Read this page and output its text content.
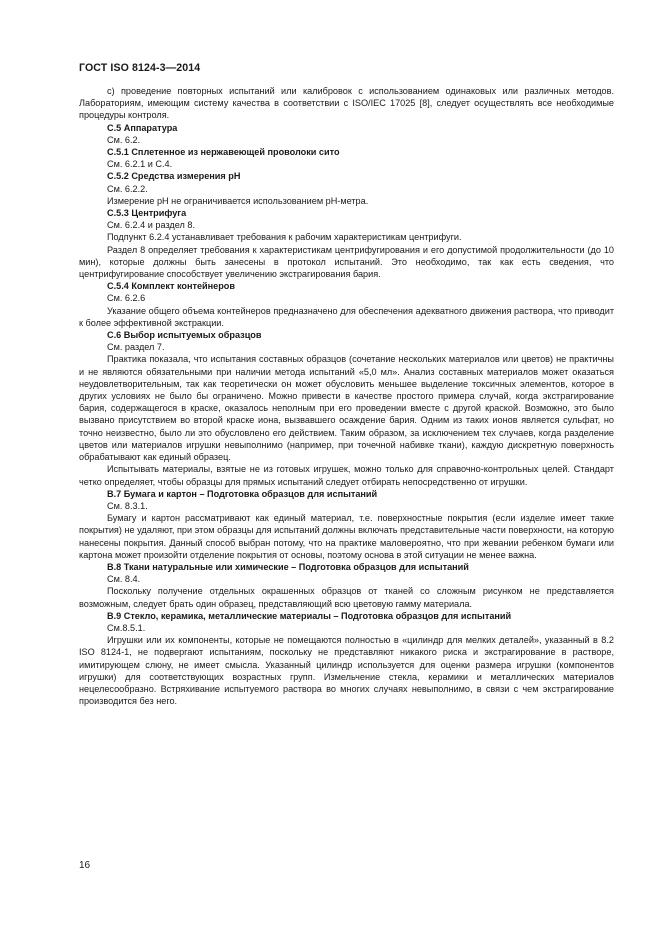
ГОСТ ISO 8124-3—2014

с) проведение повторных испытаний или калибровок с использованием одинаковых или различных методов. Лабораториям, имеющим систему качества в соответствии с ISO/IEC 17025 [8], следует осуществлять все необходимые процедуры контроля.

С.5 Аппаратура

См. 6.2.

С.5.1 Сплетенное из нержавеющей проволоки сито

См. 6.2.1 и С.4.

С.5.2 Средства измерения pH

См. 6.2.2.

Измерение pH не ограничивается использованием pH-метра.

С.5.3 Центрифуга

См. 6.2.4 и раздел 8.

Подпункт 6.2.4 устанавливает требования к рабочим характеристикам центрифуги.

Раздел 8 определяет требования к характеристикам центрифугирования и его допустимой продолжительности (до 10 мин), которые должны быть занесены в протокол испытаний. Это необходимо, так как есть сведения, что центрифугирование способствует увеличению экстрагирования бария.

С.5.4 Комплект контейнеров

См. 6.2.6

Указание общего объема контейнеров предназначено для обеспечения адекватного движения раствора, что приводит к более эффективной экстракции.

С.6 Выбор испытуемых образцов

См. раздел 7.

Практика показала, что испытания составных образцов (сочетание нескольких материалов или цветов) не практичны и не являются обязательными при наличии метода испытаний «5,0 мл». Анализ составных материалов может оказаться неудовлетворительным, так как теоретически он может обусловить меньшее выделение токсичных элементов, которое в других условиях не было бы ограничено. Можно привести в качестве простого примера случай, когда экстрагирование бария, содержащегося в краске, оказалось неполным при его проведении вместе с другой краской. Возможно, это было вызвано присутствием во второй краске иона, вызвавшего осаждение бария. Одним из таких ионов является сульфат, но точно неизвестно, было ли это обусловлено его действием. Таким образом, за исключением тех случаев, когда разделение цветов или материалов игрушки невыполнимо (например, при точечной набивке ткани), каждую дискретную поверхность обрабатывают как единый образец.

Испытывать материалы, взятые не из готовых игрушек, можно только для справочно-контрольных целей. Стандарт четко определяет, чтобы образцы для прямых испытаний следует отбирать непосредственно от игрушки.

В.7 Бумага и картон – Подготовка образцов для испытаний

См. 8.3.1.

Бумагу и картон рассматривают как единый материал, т.е. поверхностные покрытия (если изделие имеет такие покрытия) не удаляют, при этом образцы для испытаний должны включать представительные части поверхности, на которую нанесены покрытия. Данный способ выбран потому, что на практике маловероятно, что при жевании ребенком бумаги или картона может произойти отделение покрытия от основы, поэтому основа в этой ситуации не менее важна.

В.8 Ткани натуральные или химические – Подготовка образцов для испытаний

См. 8.4.

Поскольку получение отдельных окрашенных образцов от тканей со сложным рисунком не представляется возможным, следует брать один образец, представляющий всю цветовую гамму материала.

В.9 Стекло, керамика, металлические материалы – Подготовка образцов для испытаний

См.8.5.1.

Игрушки или их компоненты, которые не помещаются полностью в «цилиндр для мелких деталей», указанный в 8.2 ISO 8124-1, не подвергают испытаниям, поскольку не представляют никакого риска и экстрагирование в растворе, имитирующем слюну, не имеет смысла. Указанный цилиндр используется для оценки размера игрушки (компонентов игрушки) для соответствующих возрастных групп. Измельчение стекла, керамики и металлических материалов нецелесообразно. Встряхивание испытуемого раствора во многих случаях невыполнимо, в связи с чем экстрагирование производится без него.

16
